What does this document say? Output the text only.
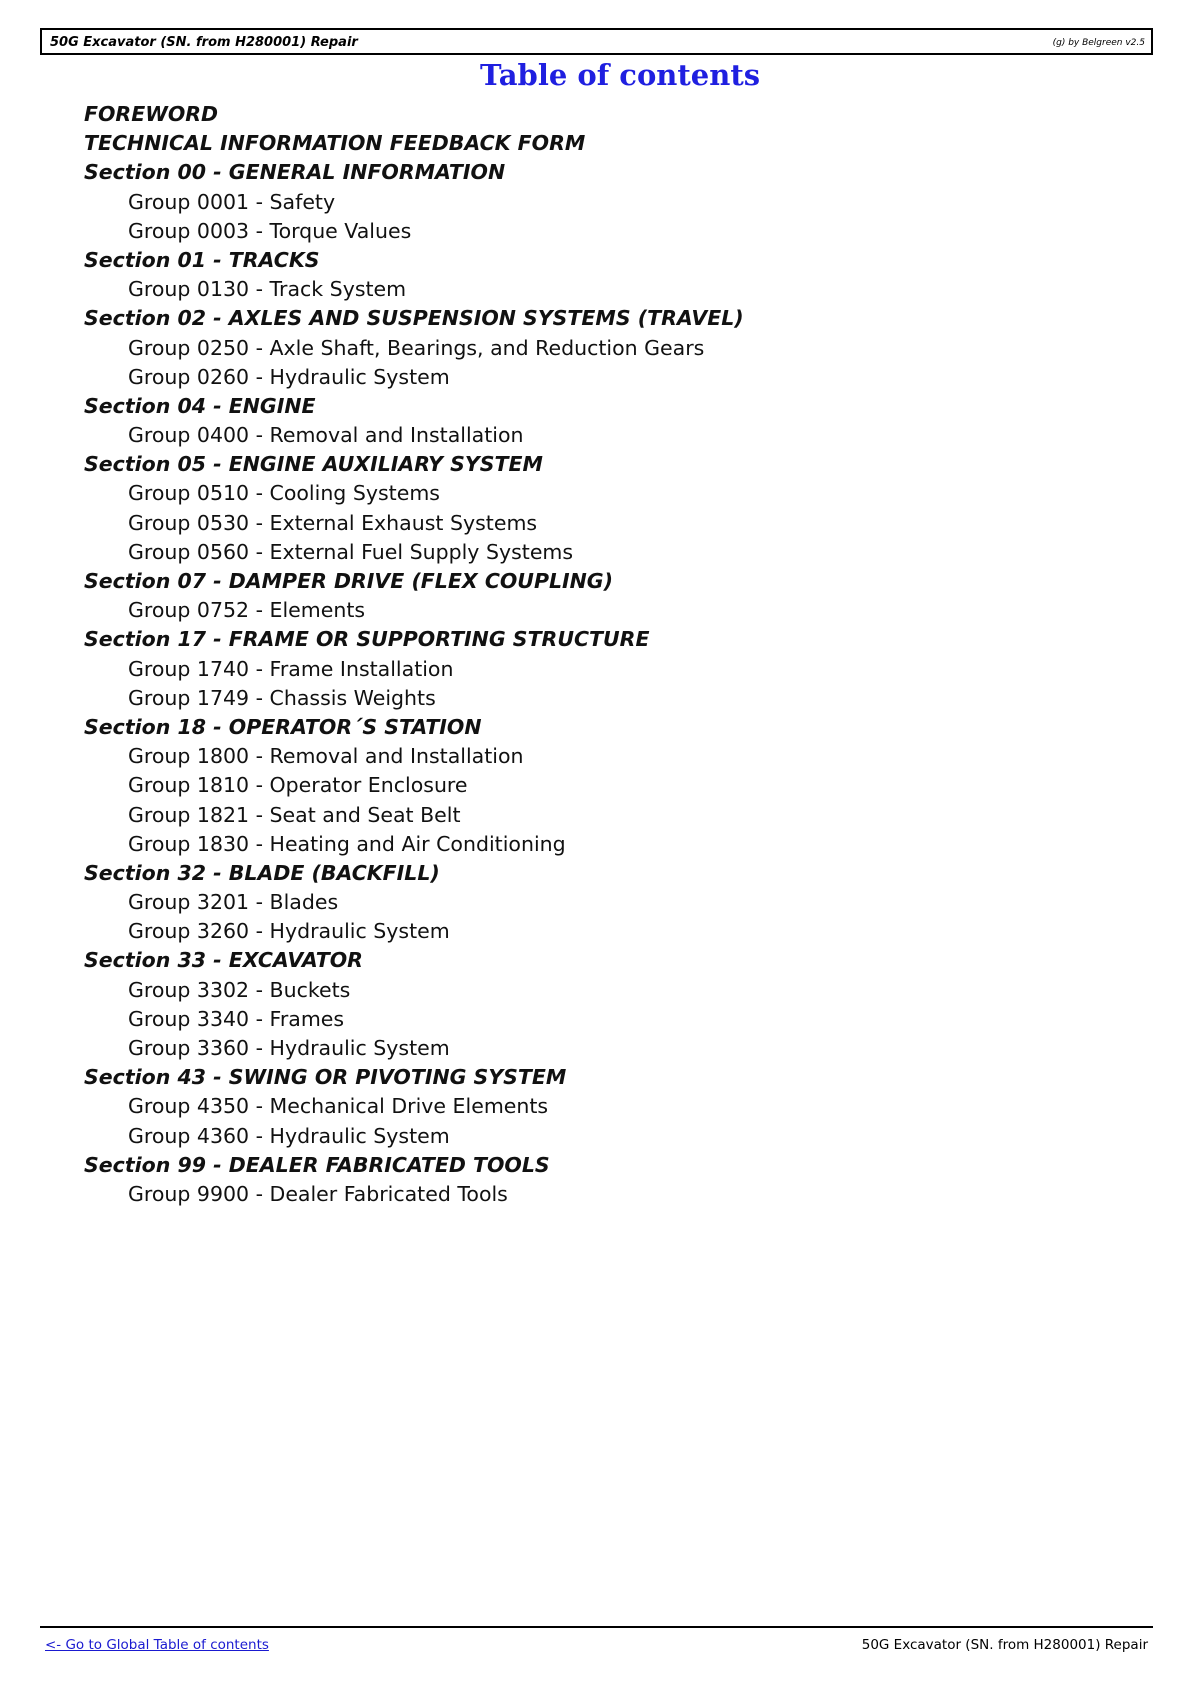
50G Excavator (SN. from H280001) Repair	(g) by Belgreen v2.5
Table of contents
FOREWORD
TECHNICAL INFORMATION FEEDBACK FORM
Section 00 - GENERAL INFORMATION
Group 0001 - Safety
Group 0003 - Torque Values
Section 01 - TRACKS
Group 0130 - Track System
Section 02 - AXLES AND SUSPENSION SYSTEMS (TRAVEL)
Group 0250 - Axle Shaft, Bearings, and Reduction Gears
Group 0260 - Hydraulic System
Section 04 - ENGINE
Group 0400 - Removal and Installation
Section 05 - ENGINE AUXILIARY SYSTEM
Group 0510 - Cooling Systems
Group 0530 - External Exhaust Systems
Group 0560 - External Fuel Supply Systems
Section 07 - DAMPER DRIVE (FLEX COUPLING)
Group 0752 - Elements
Section 17 - FRAME OR SUPPORTING STRUCTURE
Group 1740 - Frame Installation
Group 1749 - Chassis Weights
Section 18 - OPERATOR´S STATION
Group 1800 - Removal and Installation
Group 1810 - Operator Enclosure
Group 1821 - Seat and Seat Belt
Group 1830 - Heating and Air Conditioning
Section 32 - BLADE (BACKFILL)
Group 3201 - Blades
Group 3260 - Hydraulic System
Section 33 - EXCAVATOR
Group 3302 - Buckets
Group 3340 - Frames
Group 3360 - Hydraulic System
Section 43 - SWING OR PIVOTING SYSTEM
Group 4350 - Mechanical Drive Elements
Group 4360 - Hydraulic System
Section 99 - DEALER FABRICATED TOOLS
Group 9900 - Dealer Fabricated Tools
<- Go to Global Table of contents	50G Excavator (SN. from H280001) Repair
